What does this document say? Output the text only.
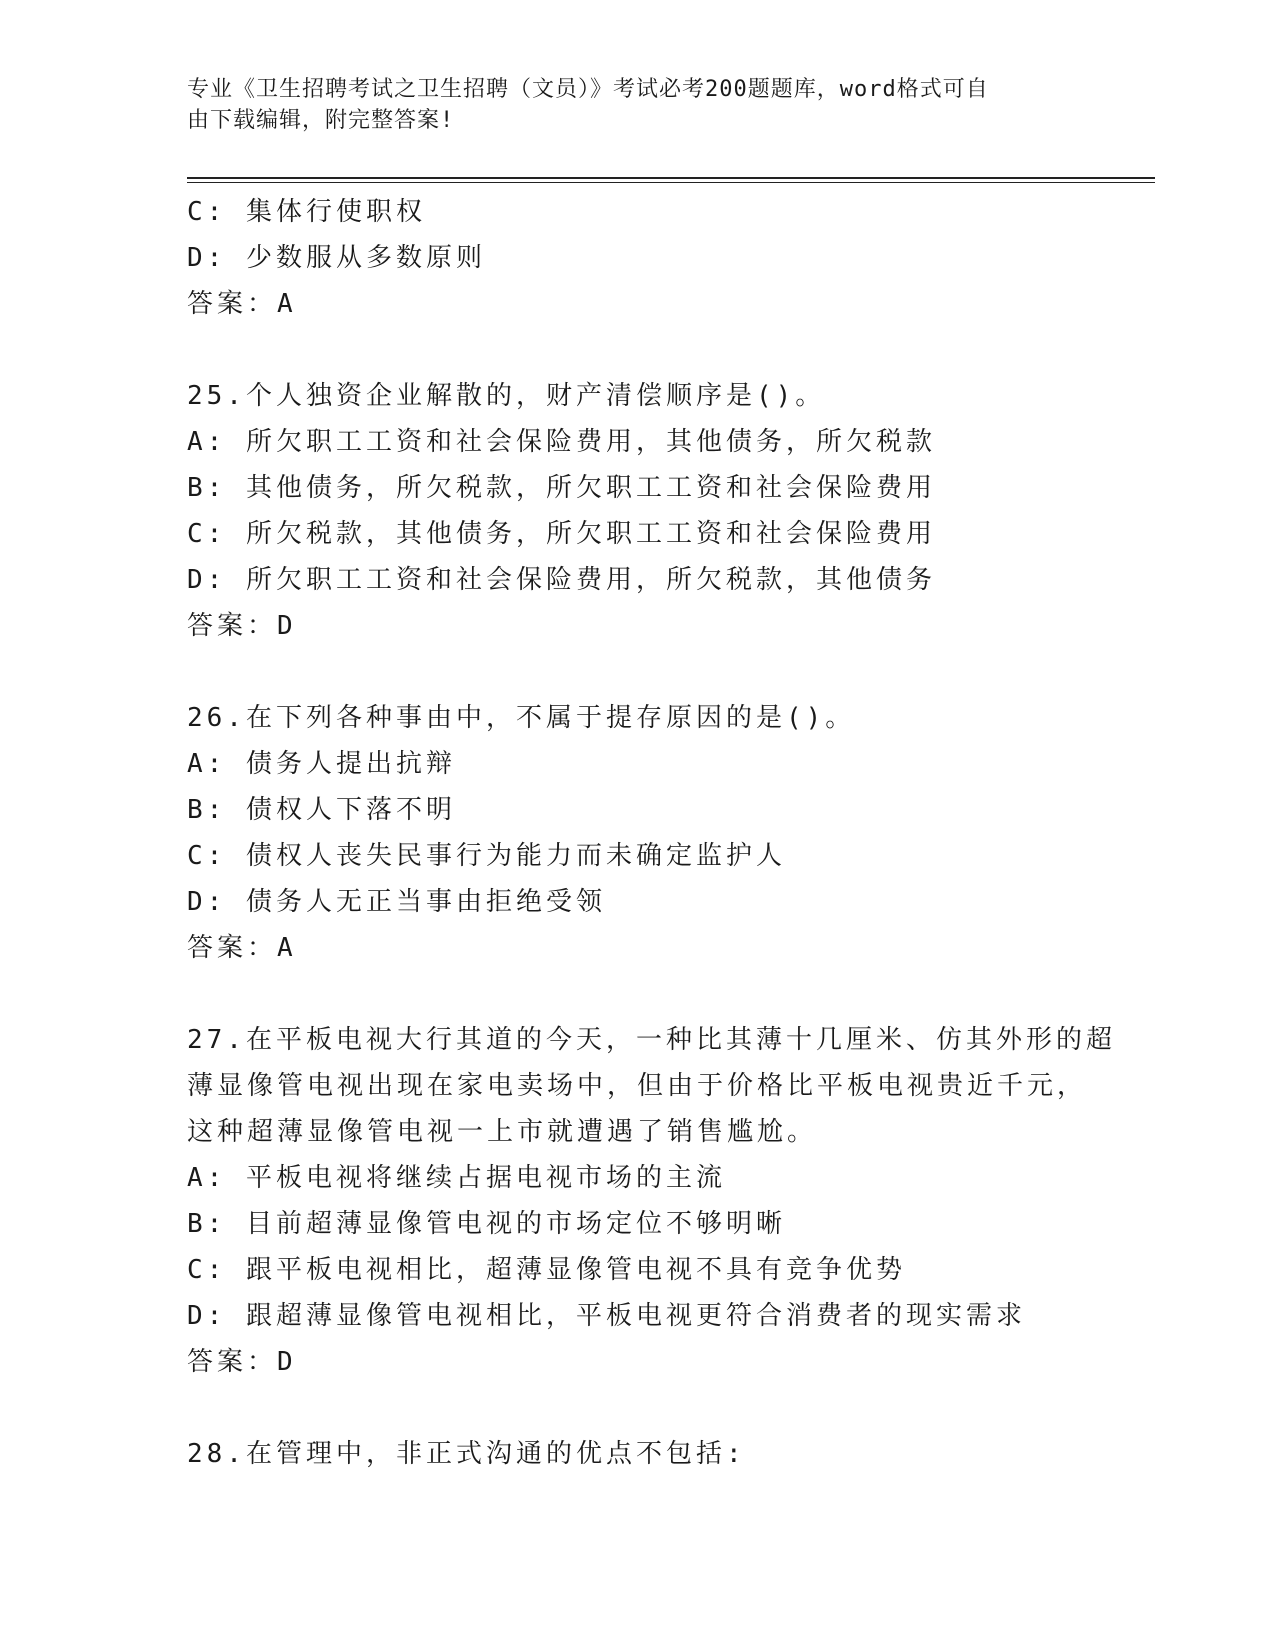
专业《卫生招聘考试之卫生招聘（文员）》考试必考200题题库，word格式可自
由下载编辑，附完整答案!
C: 集体行使职权
D: 少数服从多数原则
答案：A
25.个人独资企业解散的，财产清偿顺序是()。
A: 所欠职工工资和社会保险费用，其他债务，所欠税款
B: 其他债务，所欠税款，所欠职工工资和社会保险费用
C: 所欠税款，其他债务，所欠职工工资和社会保险费用
D: 所欠职工工资和社会保险费用，所欠税款，其他债务
答案：D
26.在下列各种事由中，不属于提存原因的是()。
A: 债务人提出抗辩
B: 债权人下落不明
C: 债权人丧失民事行为能力而未确定监护人
D: 债务人无正当事由拒绝受领
答案：A
27.在平板电视大行其道的今天，一种比其薄十几厘米、仿其外形的超
薄显像管电视出现在家电卖场中，但由于价格比平板电视贵近千元，
这种超薄显像管电视一上市就遭遇了销售尴尬。
A: 平板电视将继续占据电视市场的主流
B: 目前超薄显像管电视的市场定位不够明晰
C: 跟平板电视相比，超薄显像管电视不具有竞争优势
D: 跟超薄显像管电视相比，平板电视更符合消费者的现实需求
答案：D
28.在管理中，非正式沟通的优点不包括:
